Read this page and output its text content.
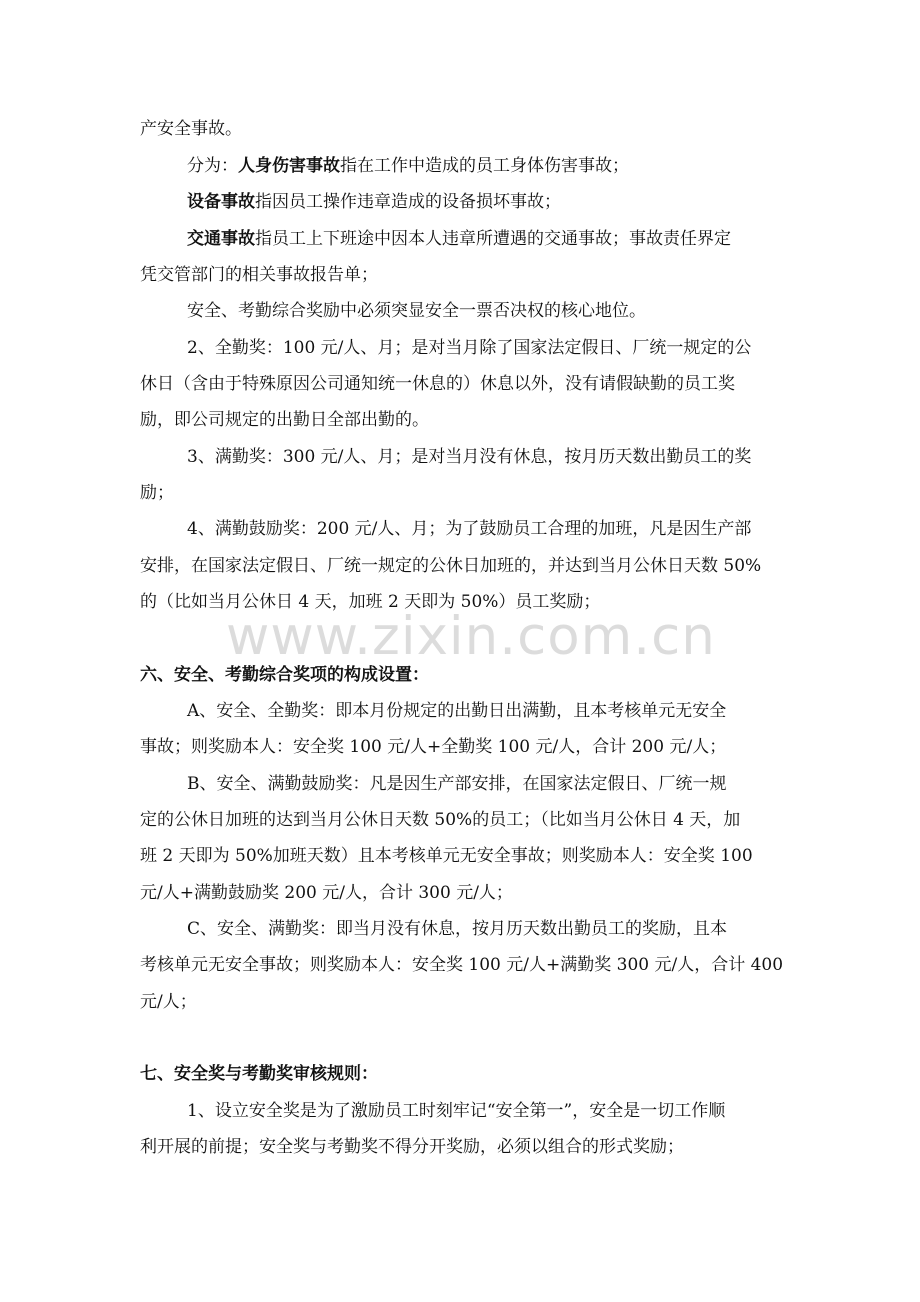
www.zixin.com.cn

产安全事故。

分为：人身伤害事故指在工作中造成的员工身体伤害事故；

设备事故指因员工操作违章造成的设备损坏事故；

交通事故指员工上下班途中因本人违章所遭遇的交通事故；事故责任界定

凭交管部门的相关事故报告单；

安全、考勤综合奖励中必须突显安全一票否决权的核心地位。

2、全勤奖：100 元/人、月；是对当月除了国家法定假日、厂统一规定的公

休日（含由于特殊原因公司通知统一休息的）休息以外，没有请假缺勤的员工奖

励，即公司规定的出勤日全部出勤的。

3、满勤奖：300 元/人、月；是对当月没有休息，按月历天数出勤员工的奖

励；

4、满勤鼓励奖：200 元/人、月；为了鼓励员工合理的加班，凡是因生产部

安排，在国家法定假日、厂统一规定的公休日加班的，并达到当月公休日天数 50%

的（比如当月公休日 4 天，加班 2 天即为 50%）员工奖励；

六、安全、考勤综合奖项的构成设置：

A、安全、全勤奖：即本月份规定的出勤日出满勤，且本考核单元无安全

事故；则奖励本人：安全奖 100 元/人+全勤奖 100 元/人，合计 200 元/人；

B、安全、满勤鼓励奖：凡是因生产部安排，在国家法定假日、厂统一规

定的公休日加班的达到当月公休日天数 50%的员工；（比如当月公休日 4 天，加

班 2 天即为 50%加班天数）且本考核单元无安全事故；则奖励本人：安全奖 100

元/人+满勤鼓励奖 200 元/人，合计 300 元/人；

C、安全、满勤奖：即当月没有休息，按月历天数出勤员工的奖励，且本

考核单元无安全事故；则奖励本人：安全奖 100 元/人+满勤奖 300 元/人，合计 400

元/人；

七、安全奖与考勤奖审核规则：

1、设立安全奖是为了激励员工时刻牢记“安全第一”，安全是一切工作顺

利开展的前提；安全奖与考勤奖不得分开奖励，必须以组合的形式奖励；
